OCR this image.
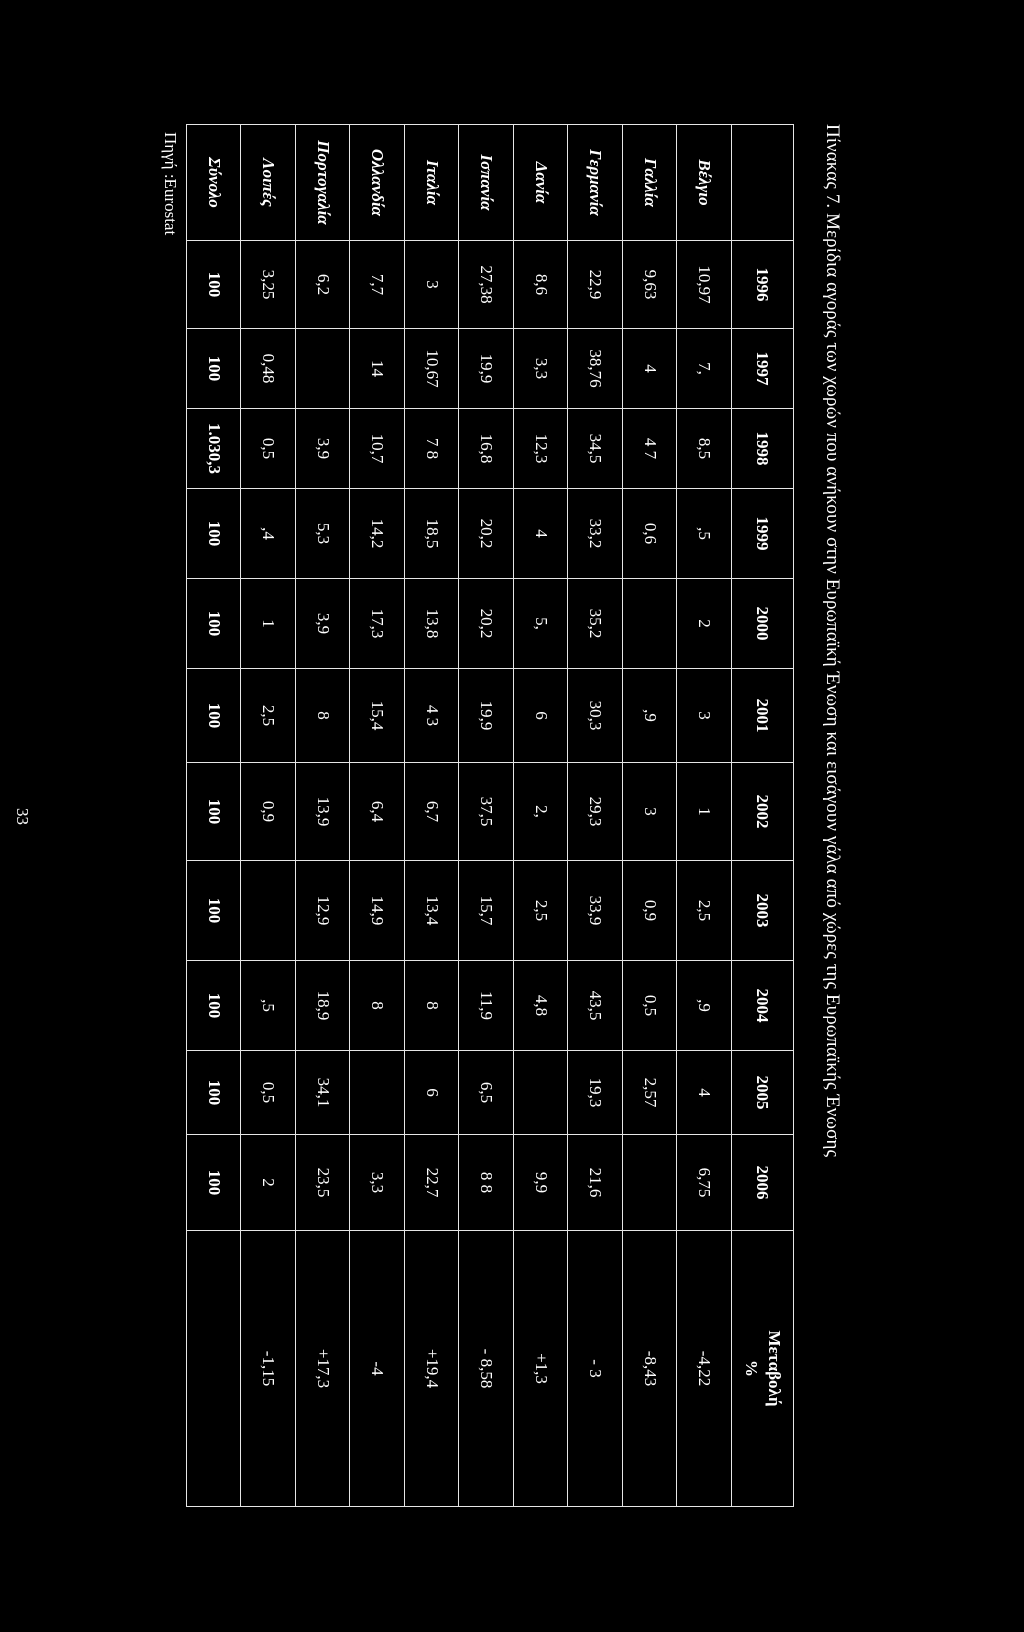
Πίνακας 7. Μερίδια αγοράς των χωρών που ανήκουν στην Ευρωπαϊκή Ένωση και εισάγουν γάλα από χώρες της Ευρωπαϊκής Ένωσης
	1996	1997	1998	1999	2000	2001	2002	2003	2004	2005	2006	Μεταβολή
%

Βέλγιο	10,97	7,	8,5	,5	2	3	1	2,5	,9	4	6,75	-4,22
Γαλλία	9,63	4	4 7	0,6		,9	3	0,9	0,5	2,57		-8,43
Γερμανία	22,9	38,76	34,5	33,2	35,2	30,3	29,3	33,9	43,5	19,3	21,6	- 3
Δανία	8,6	3,3	12,3	4	5,	6	2,	2,5	4,8		9,9	+1,3
Ισπανία	27,38	19,9	16,8	20,2	20,2	19,9	37,5	15,7	11,9	6,5	8 8	- 8,58
Ιταλία	3	10,67	7 8	18,5	13,8	4 3	6,7	13,4	8	6	22,7	+19,4
Ολλανδία	7,7	14	10,7	14,2	17,3	15,4	6,4	14,9	8		3,3	-4
Πορτογαλία	6,2		3,9	5,3	3,9	8	13,9	12,9	18,9	34,1	23,5	+17,3
Λοιπές	3,25	0,48	0,5	,4	1	2,5	0,9		,5	0,5	2	-1,15
Σύνολο	100	100	1.030,3	100	100	100	100	100	100	100	100	
Πηγή :Eurostat
33
